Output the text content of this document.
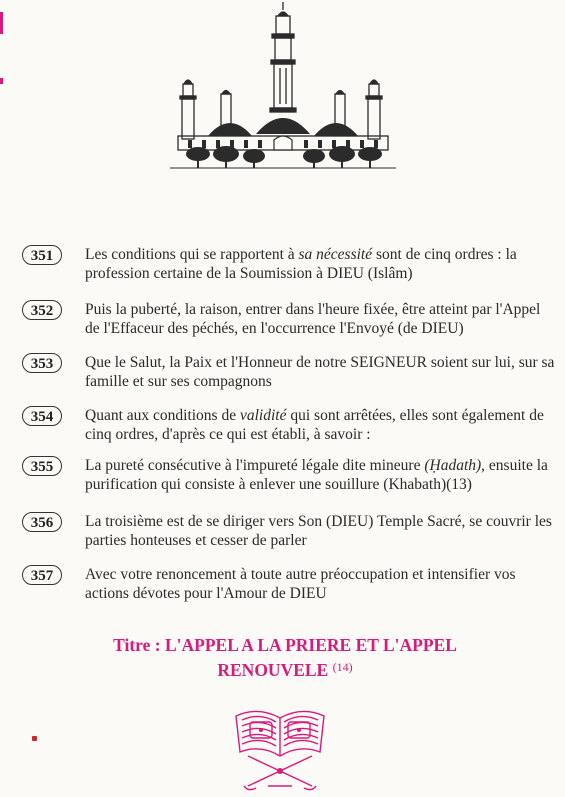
351	Les conditions qui se rapportent à sa nécessité sont de cinq ordres : la profession certaine de la Soumission à DIEU (Islâm)
352	Puis la puberté, la raison, entrer dans l'heure fixée, être atteint par l'Appel de l'Effaceur des péchés, en l'occurrence l'Envoyé (de DIEU)
353	Que le Salut, la Paix et l'Honneur de notre SEIGNEUR soient sur lui, sur sa famille et sur ses compagnons
354	Quant aux conditions de validité qui sont arrêtées, elles sont également de cinq ordres, d'après ce qui est établi, à savoir :
355	La pureté consécutive à l'impureté légale dite mineure (Ḥadath), ensuite la purification qui consiste à enlever une souillure (Khabath)(13)
356	La troisième est de se diriger vers Son (DIEU) Temple Sacré, se couvrir les parties honteuses et cesser de parler
357	Avec votre renoncement à toute autre préoccupation et intensifier vos actions dévotes pour l'Amour de DIEU
Titre : L'APPEL A LA PRIERE ET L'APPEL
RENOUVELE $^{(14)}$
